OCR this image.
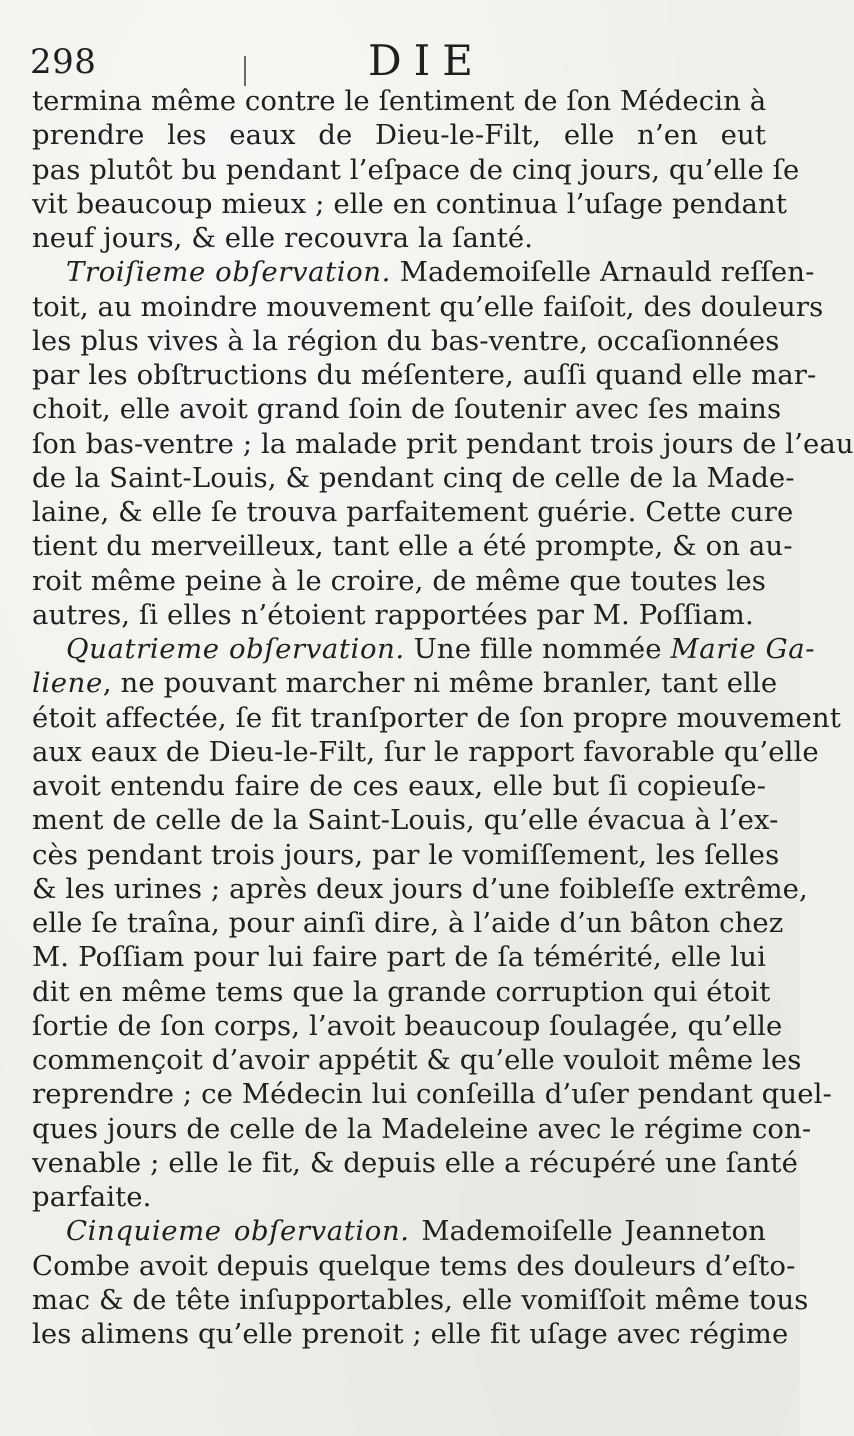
298	DIE
termina même contre le ſentiment de ſon Médecin à
prendre les eaux de Dieu-le-Filt, elle n’en eut
pas plutôt bu pendant l’eſpace de cinq jours, qu’elle ſe
vit beaucoup mieux ; elle en continua l’uſage pendant
neuf jours, & elle recouvra la ſanté.
Troiſieme obſervation. Mademoiſelle Arnauld reſſen-
toit, au moindre mouvement qu’elle faiſoit, des douleurs
les plus vives à la région du bas-ventre, occaſionnées
par les obſtructions du méſentere, auſſi quand elle mar-
choit, elle avoit grand ſoin de ſoutenir avec ſes mains
ſon bas-ventre ; la malade prit pendant trois jours de l’eau
de la Saint-Louis, & pendant cinq de celle de la Made-
laine, & elle ſe trouva parfaitement guérie. Cette cure
tient du merveilleux, tant elle a été prompte, & on au-
roit même peine à le croire, de même que toutes les
autres, ſi elles n’étoient rapportées par M. Poſſiam.
Quatrieme obſervation. Une fille nommée Marie Ga-
liene, ne pouvant marcher ni même branler, tant elle
étoit affectée, ſe fit tranſporter de ſon propre mouvement
aux eaux de Dieu-le-Filt, ſur le rapport favorable qu’elle
avoit entendu faire de ces eaux, elle but ſi copieuſe-
ment de celle de la Saint-Louis, qu’elle évacua à l’ex-
cès pendant trois jours, par le vomiſſement, les ſelles
& les urines ; après deux jours d’une foibleſſe extrême,
elle ſe traîna, pour ainſi dire, à l’aide d’un bâton chez
M. Poſſiam pour lui faire part de ſa témérité, elle lui
dit en même tems que la grande corruption qui étoit
ſortie de ſon corps, l’avoit beaucoup ſoulagée, qu’elle
commençoit d’avoir appétit & qu’elle vouloit même les
reprendre ; ce Médecin lui conſeilla d’uſer pendant quel-
ques jours de celle de la Madeleine avec le régime con-
venable ; elle le fit, & depuis elle a récupéré une ſanté
parfaite.
Cinquieme obſervation. Mademoiſelle Jeanneton
Combe avoit depuis quelque tems des douleurs d’eſto-
mac & de tête inſupportables, elle vomiſſoit même tous
les alimens qu’elle prenoit ; elle fit uſage avec régime
